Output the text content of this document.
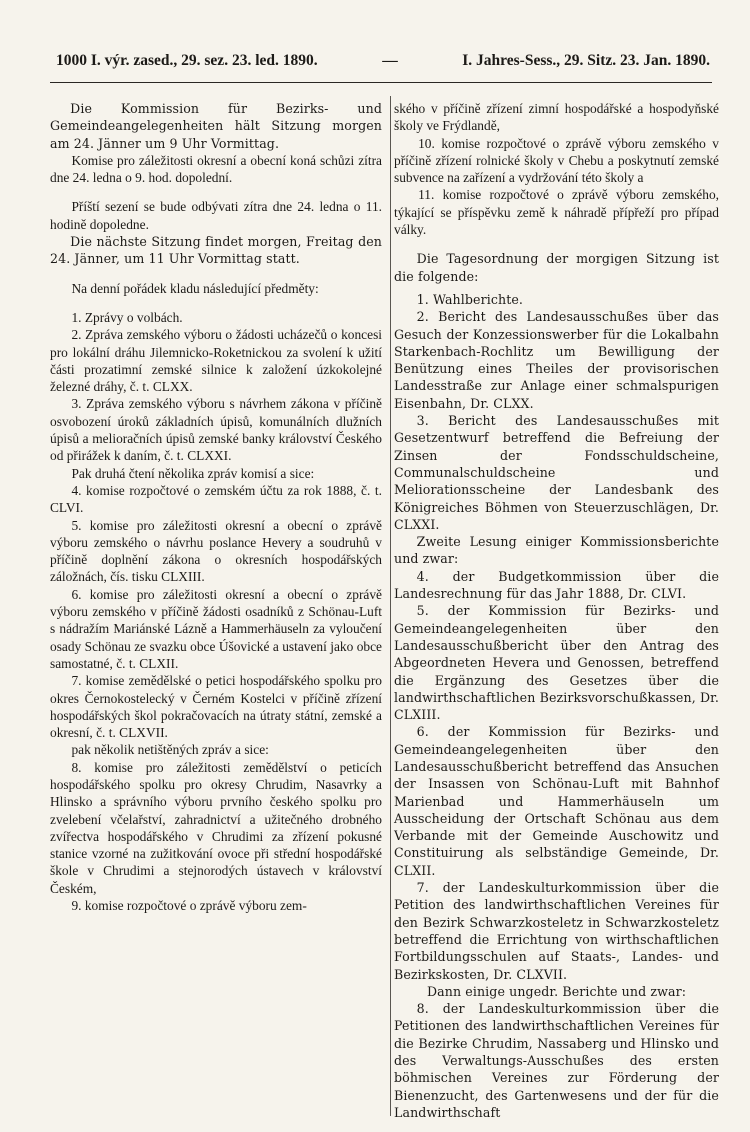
1000 I. výr. zased., 29. sez. 23. led. 1890.	—	I. Jahres-Sess., 29. Sitz. 23. Jan. 1890.

Die Kommission für Bezirks- und Gemeindeangelegenheiten hält Sitzung morgen am 24. Jänner um 9 Uhr Vormittag.

Komise pro záležitosti okresní a obecní koná schůzi zítra dne 24. ledna o 9. hod. dopolední.

Příští sezení se bude odbývati zítra dne 24. ledna o 11. hodině dopoledne.

Die nächste Sitzung findet morgen, Freitag den 24. Jänner, um 11 Uhr Vormittag statt.

Na denní pořádek kladu následující předměty:

1. Zprávy o volbách.

2. Zpráva zemského výboru o žádosti ucházečů o koncesi pro lokální dráhu Jilemnicko-Roketnickou za svolení k užití části prozatimní zemské silnice k založení úzkokolejné železné dráhy, č. t. CLXX.

3. Zpráva zemského výboru s návrhem zákona v příčině osvobození úroků základních úpisů, komunálních dlužních úpisů a melioračních úpisů zemské banky království Českého od přirážek k daním, č. t. CLXXI.

Pak druhá čtení několika zpráv komisí a sice:

4. komise rozpočtové o zemském účtu za rok 1888, č. t. CLVI.

5. komise pro záležitosti okresní a obecní o zprávě výboru zemského o návrhu poslance Hevery a soudruhů v příčině doplnění zákona o okresních hospodářských záložnách, čís. tisku CLXIII.

6. komise pro záležitosti okresní a obecní o zprávě výboru zemského v příčině žádosti osadníků z Schönau-Luft s nádražím Mariánské Lázně a Hammerhäuseln za vyloučení osady Schönau ze svazku obce Úšovické a ustavení jako obce samostatné, č. t. CLXII.

7. komise zemědělské o petici hospodářského spolku pro okres Černokostelecký v Černém Kostelci v příčině zřízení hospodářských škol pokračovacích na útraty státní, zemské a okresní, č. t. CLXVII.

pak několik netištěných zpráv a sice:

8. komise pro záležitosti zemědělství o peticích hospodářského spolku pro okresy Chrudim, Nasavrky a Hlinsko a správního výboru prvního českého spolku pro zvelebení včelařství, zahradnictví a užitečného drobného zvířectva hospodářského v Chrudimi za zřízení pokusné stanice vzorné na zužitkování ovoce při střední hospodářské škole v Chrudimi a stejnorodých ústavech v království Českém,

9. komise rozpočtové o zprávě výboru zem-

ského v příčině zřízení zimní hospodářské a hospodyňské školy ve Frýdlandě,

10. komise rozpočtové o zprávě výboru zemského v příčině zřízení rolnické školy v Chebu a poskytnutí zemské subvence na zařízení a vydržování této školy a

11. komise rozpočtové o zprávě výboru zemského, týkající se příspěvku země k náhradě přípřeží pro případ války.

Die Tagesordnung der morgigen Sitzung ist die folgende:

1. Wahlberichte.

2. Bericht des Landesausschußes über das Gesuch der Konzessionswerber für die Lokalbahn Starkenbach-Rochlitz um Bewilligung der Benützung eines Theiles der provisorischen Landesstraße zur Anlage einer schmalspurigen Eisenbahn, Dr. CLXX.

3. Bericht des Landesausschußes mit Gesetzentwurf betreffend die Befreiung der Zinsen der Fondsschuldscheine, Communalschuldscheine und Meliorationsscheine der Landesbank des Königreiches Böhmen von Steuerzuschlägen, Dr. CLXXI.

Zweite Lesung einiger Kommissionsberichte und zwar:

4. der Budgetkommission über die Landesrechnung für das Jahr 1888, Dr. CLVI.

5. der Kommission für Bezirks- und Gemeindeangelegenheiten über den Landesausschußbericht über den Antrag des Abgeordneten Hevera und Genossen, betreffend die Ergänzung des Gesetzes über die landwirthschaftlichen Bezirksvorschußkassen, Dr. CLXIII.

6. der Kommission für Bezirks- und Gemeindeangelegenheiten über den Landesausschußbericht betreffend das Ansuchen der Insassen von Schönau-Luft mit Bahnhof Marienbad und Hammerhäuseln um Ausscheidung der Ortschaft Schönau aus dem Verbande mit der Gemeinde Auschowitz und Constituirung als selbständige Gemeinde, Dr. CLXII.

7. der Landeskulturkommission über die Petition des landwirthschaftlichen Vereines für den Bezirk Schwarzkosteletz in Schwarzkosteletz betreffend die Errichtung von wirthschaftlichen Fortbildungsschulen auf Staats-, Landes- und Bezirkskosten, Dr. CLXVII.

Dann einige ungedr. Berichte und zwar:

8. der Landeskulturkommission über die Petitionen des landwirthschaftlichen Vereines für die Bezirke Chrudim, Nassaberg und Hlinsko und des Verwaltungs-Ausschußes des ersten böhmischen Vereines zur Förderung der Bienenzucht, des Gartenwesens und der für die Landwirthschaft
